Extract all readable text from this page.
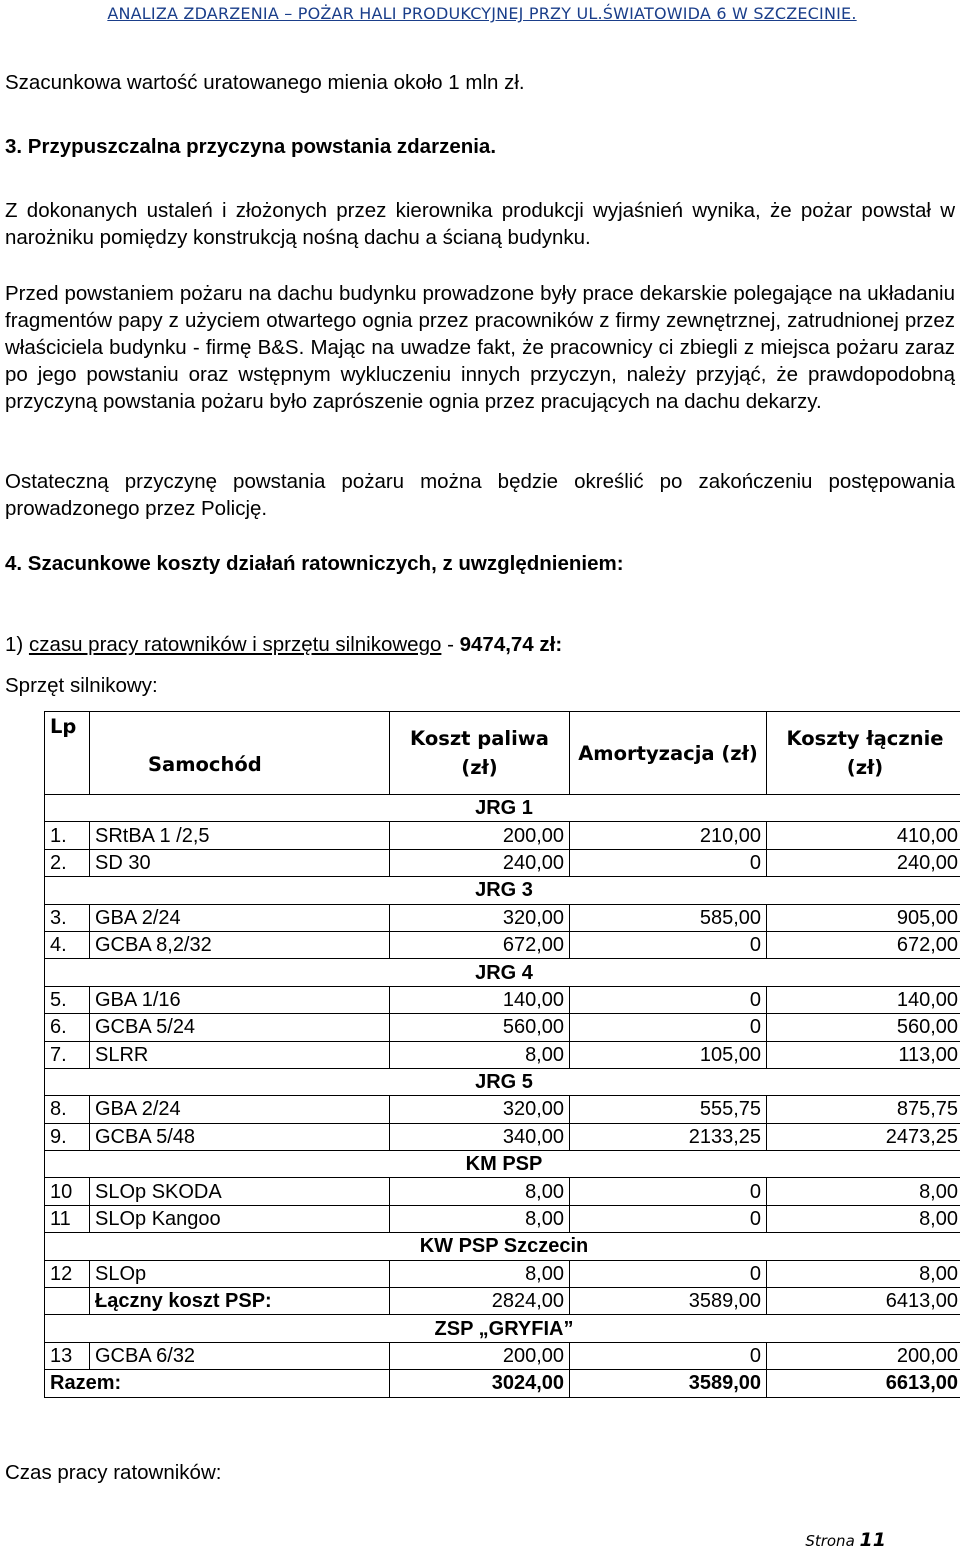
ANALIZA ZDARZENIA – POŻAR HALI PRODUKCYJNEJ PRZY UL.ŚWIATOWIDA 6 W SZCZECINIE.
Szacunkowa wartość uratowanego mienia około 1 mln zł.
3. Przypuszczalna przyczyna powstania zdarzenia.
Z dokonanych ustaleń i złożonych przez kierownika produkcji wyjaśnień wynika, że pożar powstał w narożniku pomiędzy konstrukcją nośną dachu a ścianą budynku.
Przed powstaniem pożaru na dachu budynku prowadzone były prace dekarskie polegające na układaniu fragmentów papy z użyciem otwartego ognia przez pracowników z firmy zewnętrznej, zatrudnionej przez właściciela budynku - firmę B&S. Mając na uwadze fakt, że pracownicy ci zbiegli z miejsca pożaru zaraz po jego powstaniu oraz wstępnym wykluczeniu innych przyczyn, należy przyjąć, że prawdopodobną przyczyną powstania pożaru było zaprószenie ognia przez pracujących na dachu dekarzy.
Ostateczną przyczynę powstania pożaru można będzie określić po zakończeniu postępowania prowadzonego przez Policję.
4. Szacunkowe koszty działań ratowniczych, z uwzględnieniem:
1) czasu pracy ratowników i sprzętu silnikowego - 9474,74 zł:
Sprzęt silnikowy:
Lp	Samochód	Koszt paliwa (zł)	Amortyzacja (zł)	Koszty łącznie (zł)
JRG 1				
1.	SRtBA 1 /2,5	200,00	210,00	410,00
2.	SD 30	240,00	0	240,00
JRG 3				
3.	GBA 2/24	320,00	585,00	905,00
4.	GCBA 8,2/32	672,00	0	672,00
JRG 4				
5.	GBA 1/16	140,00	0	140,00
6.	GCBA 5/24	560,00	0	560,00
7.	SLRR	8,00	105,00	113,00
JRG 5				
8.	GBA 2/24	320,00	555,75	875,75
9.	GCBA 5/48	340,00	2133,25	2473,25
KM PSP				
10	SLOp SKODA	8,00	0	8,00
11	SLOp Kangoo	8,00	0	8,00
KW PSP Szczecin				
12	SLOp	8,00	0	8,00
	Łączny koszt PSP:	2824,00	3589,00	6413,00
ZSP „GRYFIA”				
13	GCBA 6/32	200,00	0	200,00
Razem:		3024,00	3589,00	6613,00
Czas pracy ratowników:
Strona 11
